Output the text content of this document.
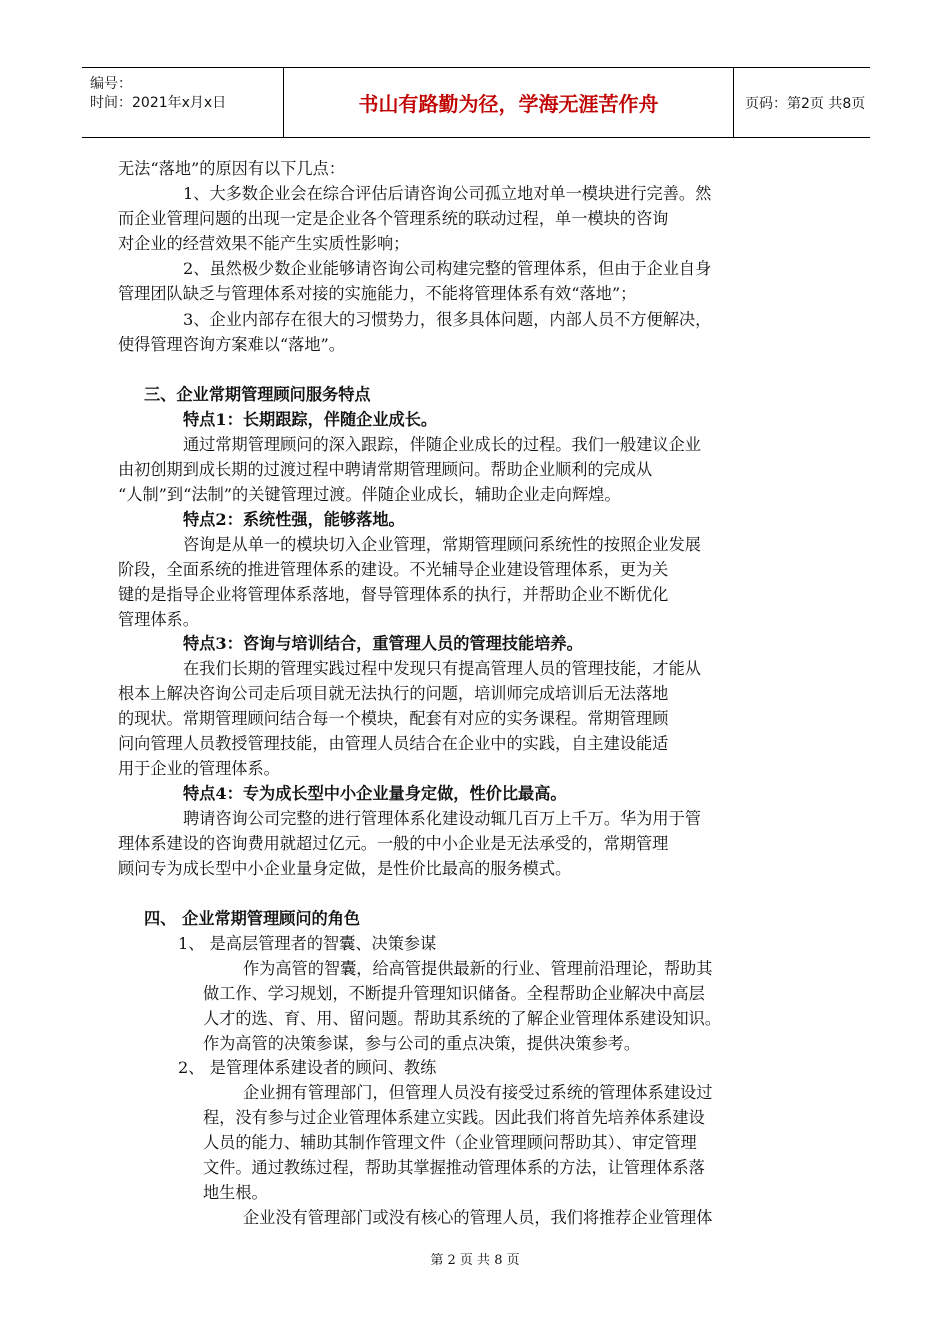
编号：
时间：2021年x月x日	书山有路勤为径，学海无涯苦作舟	页码：第2页 共8页
无法“落地”的原因有以下几点：
1、大多数企业会在综合评估后请咨询公司孤立地对单一模块进行完善。然
而企业管理问题的出现一定是企业各个管理系统的联动过程，单一模块的咨询
对企业的经营效果不能产生实质性影响；
2、虽然极少数企业能够请咨询公司构建完整的管理体系，但由于企业自身
管理团队缺乏与管理体系对接的实施能力，不能将管理体系有效“落地”；
3、企业内部存在很大的习惯势力，很多具体问题，内部人员不方便解决，
使得管理咨询方案难以“落地”。
三、企业常期管理顾问服务特点
特点1：长期跟踪，伴随企业成长。
通过常期管理顾问的深入跟踪，伴随企业成长的过程。我们一般建议企业
由初创期到成长期的过渡过程中聘请常期管理顾问。帮助企业顺利的完成从
“人制”到“法制”的关键管理过渡。伴随企业成长，辅助企业走向辉煌。
特点2：系统性强，能够落地。
咨询是从单一的模块切入企业管理，常期管理顾问系统性的按照企业发展
阶段，全面系统的推进管理体系的建设。不光辅导企业建设管理体系，更为关
键的是指导企业将管理体系落地，督导管理体系的执行，并帮助企业不断优化
管理体系。
特点3：咨询与培训结合，重管理人员的管理技能培养。
在我们长期的管理实践过程中发现只有提高管理人员的管理技能，才能从
根本上解决咨询公司走后项目就无法执行的问题，培训师完成培训后无法落地
的现状。常期管理顾问结合每一个模块，配套有对应的实务课程。常期管理顾
问向管理人员教授管理技能，由管理人员结合在企业中的实践，自主建设能适
用于企业的管理体系。
特点4：专为成长型中小企业量身定做，性价比最高。
聘请咨询公司完整的进行管理体系化建设动辄几百万上千万。华为用于管
理体系建设的咨询费用就超过亿元。一般的中小企业是无法承受的，常期管理
顾问专为成长型中小企业量身定做，是性价比最高的服务模式。
四、 企业常期管理顾问的角色
1、 是高层管理者的智囊、决策参谋
作为高管的智囊，给高管提供最新的行业、管理前沿理论，帮助其
做工作、学习规划，不断提升管理知识储备。全程帮助企业解决中高层
人才的选、育、用、留问题。帮助其系统的了解企业管理体系建设知识。
作为高管的决策参谋，参与公司的重点决策，提供决策参考。
2、 是管理体系建设者的顾问、教练
企业拥有管理部门，但管理人员没有接受过系统的管理体系建设过
程，没有参与过企业管理体系建立实践。因此我们将首先培养体系建设
人员的能力、辅助其制作管理文件（企业管理顾问帮助其）、审定管理
文件。通过教练过程，帮助其掌握推动管理体系的方法，让管理体系落
地生根。
企业没有管理部门或没有核心的管理人员，我们将推荐企业管理体
第 2 页 共 8 页
